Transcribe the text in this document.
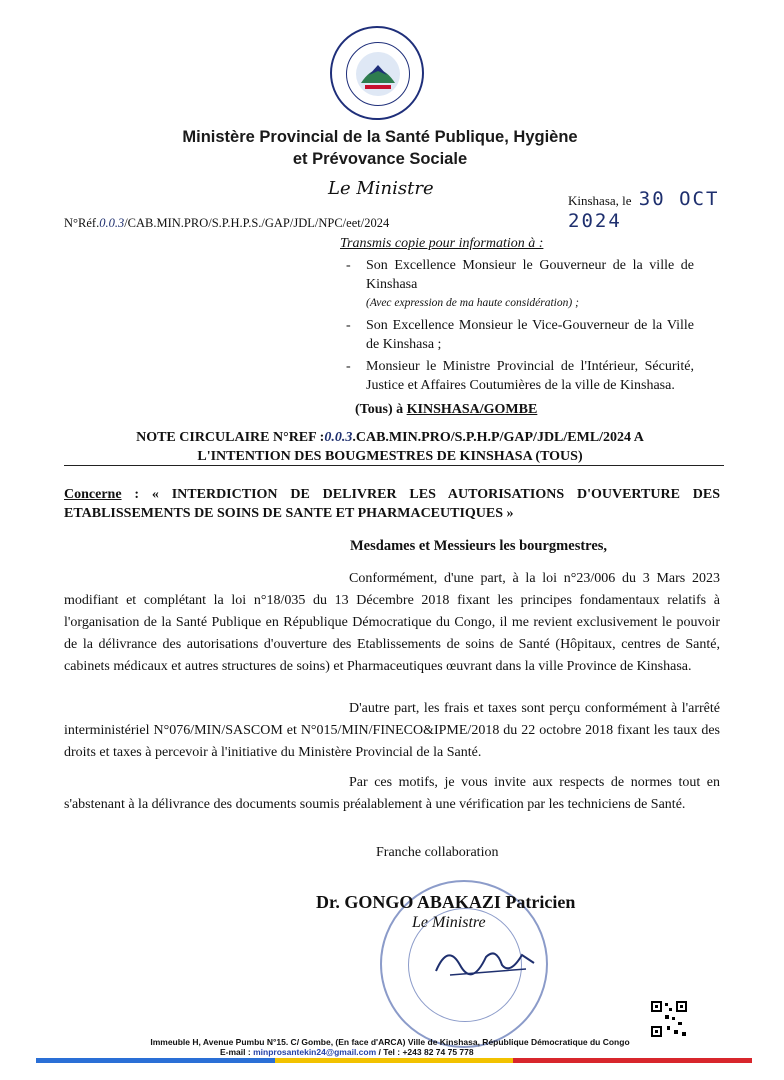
Ministère Provincial de la Santé Publique, Hygiène
et Prévovance Sociale
Le Ministre
Kinshasa, le 30 OCT 2024
N°Réf.0.0.3/CAB.MIN.PRO/S.P.H.P.S./GAP/JDL/NPC/eet/2024
Transmis copie pour information à :
- Son Excellence Monsieur le Gouverneur de la ville de Kinshasa
(Avec expression de ma haute considération) ;
- Son Excellence Monsieur le Vice-Gouverneur de la Ville de Kinshasa ;
- Monsieur le Ministre Provincial de l'Intérieur, Sécurité, Justice et Affaires Coutumières de la ville de Kinshasa.
(Tous) à KINSHASA/GOMBE
NOTE CIRCULAIRE N°REF :0.0.3.CAB.MIN.PRO/S.P.H.P/GAP/JDL/EML/2024 A
L'INTENTION DES BOUGMESTRES DE KINSHASA (TOUS)
Concerne : « INTERDICTION DE DELIVRER LES AUTORISATIONS D'OUVERTURE DES ETABLISSEMENTS DE SOINS DE SANTE ET PHARMACEUTIQUES »
Mesdames et Messieurs les bourgmestres,

Conformément, d'une part, à la loi n°23/006 du 3 Mars 2023 modifiant et complétant la loi n°18/035 du 13 Décembre 2018 fixant les principes fondamentaux relatifs à l'organisation de la Santé Publique en République Démocratique du Congo, il me revient exclusivement le pouvoir de la délivrance des autorisations d'ouverture des Etablissements de soins de Santé (Hôpitaux, centres de Santé, cabinets médicaux et autres structures de soins) et Pharmaceutiques œuvrant dans la ville Province de Kinshasa.

D'autre part, les frais et taxes sont perçu conformément à l'arrêté interministériel N°076/MIN/SASCOM et N°015/MIN/FINECO&IPME/2018 du 22 octobre 2018 fixant les taux des droits et taxes à percevoir à l'initiative du Ministère Provincial de la Santé.

Par ces motifs, je vous invite aux respects de normes tout en s'abstenant à la délivrance des documents soumis préalablement à une vérification par les techniciens de Santé.

Franche collaboration
Dr. GONGO ABAKAZI Patricien
Le Ministre
Immeuble H, Avenue Pumbu N°15. C/ Gombe, (En face d'ARCA) Ville de Kinshasa, République Démocratique du Congo
E-mail : minprosantekin24@gmail.com / Tel : +243 82 74 75 778
